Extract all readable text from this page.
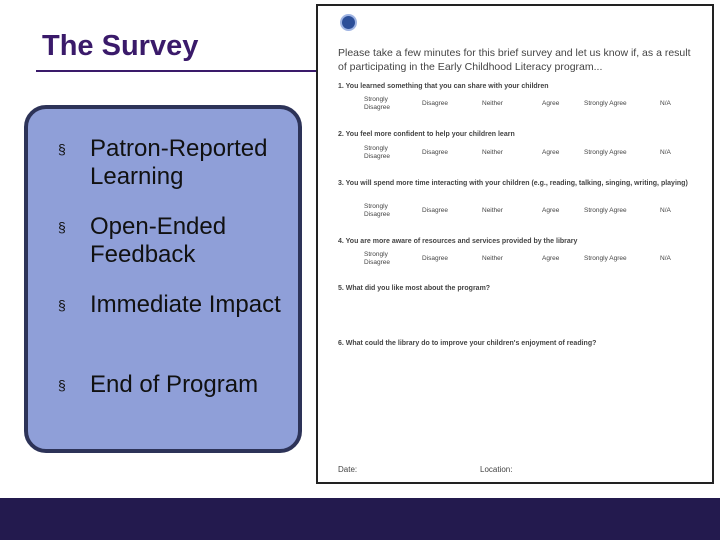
The Survey
§ Patron-Reported Learning
§ Open-Ended Feedback
§ Immediate Impact
§ End of Program
Please take a few minutes for this brief survey and let us know if, as a result of participating in the Early Childhood Literacy program...
1. You learned something that you can share with your children
Strongly Disagree
Disagree	Neither	Agree	Strongly Agree	N/A
2. You feel more confident to help your children learn
Strongly Disagree
Disagree	Neither	Agree	Strongly Agree	N/A
3. You will spend more time interacting with your children (e.g., reading, talking, singing, writing, playing)
Strongly Disagree
Disagree	Neither	Agree	Strongly Agree	N/A
4. You are more aware of resources and services provided by the library
Strongly Disagree
Disagree	Neither	Agree	Strongly Agree	N/A
5. What did you like most about the program?
6. What could the library do to improve your children's enjoyment of reading?
Date:	Location:
